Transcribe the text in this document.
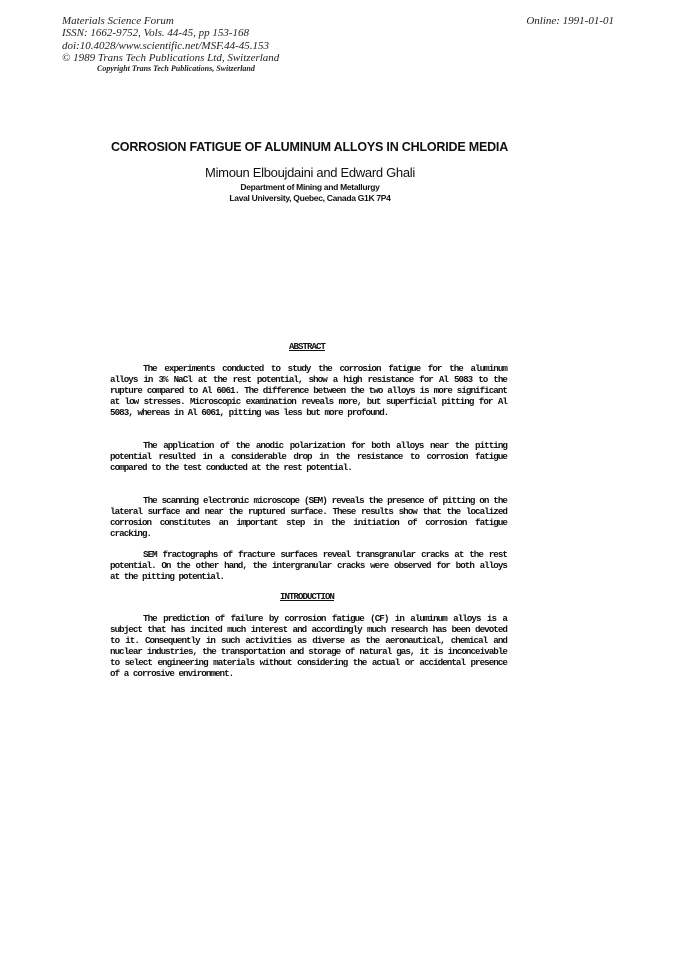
Materials Science Forum
ISSN: 1662-9752, Vols. 44-45, pp 153-168
doi:10.4028/www.scientific.net/MSF.44-45.153
© 1989 Trans Tech Publications Ltd, Switzerland
Online: 1991-01-01
Copyright Trans Tech Publications, Switzerland
CORROSION FATIGUE OF ALUMINUM ALLOYS IN CHLORIDE MEDIA
Mimoun Elboujdaini and Edward Ghali
Department of Mining and Metallurgy
Laval University, Quebec, Canada G1K 7P4
ABSTRACT

The experiments conducted to study the corrosion fatigue for the aluminum alloys in 3% NaCl at the rest potential, show a high resistance for Al 5083 to the rupture compared to Al 6061. The difference between the two alloys is more significant at low stresses. Microscopic examination reveals more, but superficial pitting for Al 5083, whereas in Al 6061, pitting was less but more profound.

The application of the anodic polarization for both alloys near the pitting potential resulted in a considerable drop in the resistance to corrosion fatigue compared to the test conducted at the rest potential.

The scanning electronic microscope (SEM) reveals the presence of pitting on the lateral surface and near the ruptured surface. These results show that the localized corrosion constitutes an important step in the initiation of corrosion fatigue cracking.

SEM fractographs of fracture surfaces reveal transgranular cracks at the rest potential. On the other hand, the intergranular cracks were observed for both alloys at the pitting potential.

INTRODUCTION

The prediction of failure by corrosion fatigue (CF) in aluminum alloys is a subject that has incited much interest and accordingly much research has been devoted to it. Consequently in such activities as diverse as the aeronautical, chemical and nuclear industries, the transportation and storage of natural gas, it is inconceivable to select engineering materials without considering the actual or accidental presence of a corrosive environment.
